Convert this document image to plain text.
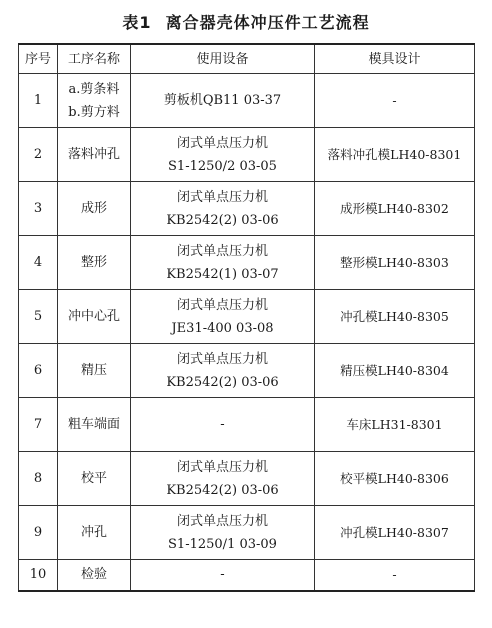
表1 离合器壳体冲压件工艺流程
序号	工序名称	使用设备	模具设计
1	a.剪条料
b.剪方料	剪板机QB11 03-37	-
2	落料冲孔	闭式单点压力机
S1-1250/2 03-05	落料冲孔模LH40-8301
3	成形	闭式单点压力机
KB2542(2) 03-06	成形模LH40-8302
4	整形	闭式单点压力机
KB2542(1) 03-07	整形模LH40-8303
5	冲中心孔	闭式单点压力机
JE31-400 03-08	冲孔模LH40-8305
6	精压	闭式单点压力机
KB2542(2) 03-06	精压模LH40-8304
7	粗车端面	-	车床LH31-8301
8	校平	闭式单点压力机
KB2542(2) 03-06	校平模LH40-8306
9	冲孔	闭式单点压力机
S1-1250/1 03-09	冲孔模LH40-8307
10	检验	-	-
